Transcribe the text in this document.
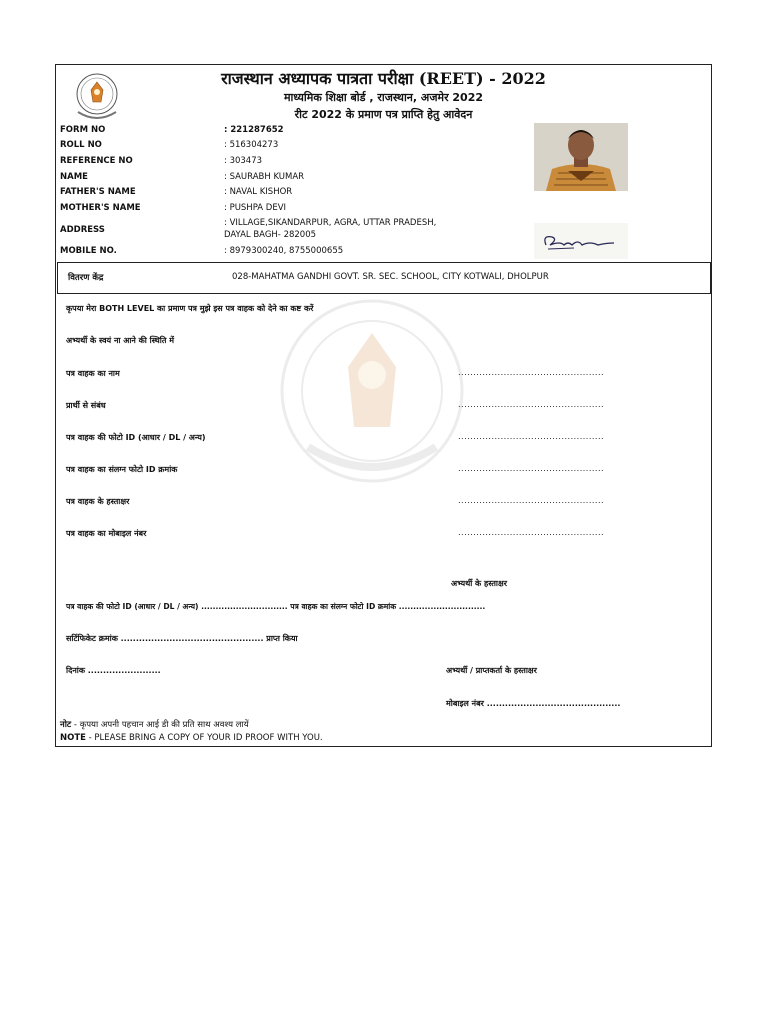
राजस्थान अध्यापक पात्रता परीक्षा (REET) - 2022
माध्यमिक शिक्षा बोर्ड , राजस्थान, अजमेर 2022
रीट 2022 के प्रमाण पत्र प्राप्ति हेतु आवेदन
FORM NO	: 221287652
ROLL NO	: 516304273
REFERENCE NO	: 303473
NAME	: SAURABH KUMAR
FATHER'S NAME	: NAVAL KISHOR
MOTHER'S NAME	: PUSHPA DEVI
ADDRESS
: VILLAGE,SIKANDARPUR, AGRA, UTTAR PRADESH,
DAYAL BAGH- 282005
MOBILE NO.	: 8979300240, 8755000655
वितरण केंद्र	028-MAHATMA GANDHI GOVT. SR. SEC. SCHOOL, CITY KOTWALI, DHOLPUR
कृपया मेरा BOTH LEVEL का प्रमाण पत्र मुझे इस पत्र वाहक को देने का कष्ट करें
अभ्यर्थी के स्वयं ना आने की स्थिति में
पत्र वाहक का नाम	................................................
प्रार्थी से संबंध	................................................
पत्र वाहक की फोटो ID (आधार / DL / अन्य)	................................................
पत्र वाहक का संलग्न फोटो ID क्रमांक	................................................
पत्र वाहक के हस्ताक्षर	................................................
पत्र वाहक का मोबाइल नंबर	................................................
अभ्यर्थी के हस्ताक्षर
पत्र वाहक की फोटो ID (आधार / DL / अन्य) .............................. पत्र वाहक का संलग्न फोटो ID क्रमांक ..............................
सर्टिफिकेट क्रमांक ............................................... प्राप्त किया
दिनांक ........................	अभ्यर्थी / प्राप्तकर्ता के हस्ताक्षर
मोबाइल नंबर ............................................
नोट - कृपया अपनी पहचान आई डी की प्रति साथ अवश्य लायें
NOTE - PLEASE BRING A COPY OF YOUR ID PROOF WITH YOU.
